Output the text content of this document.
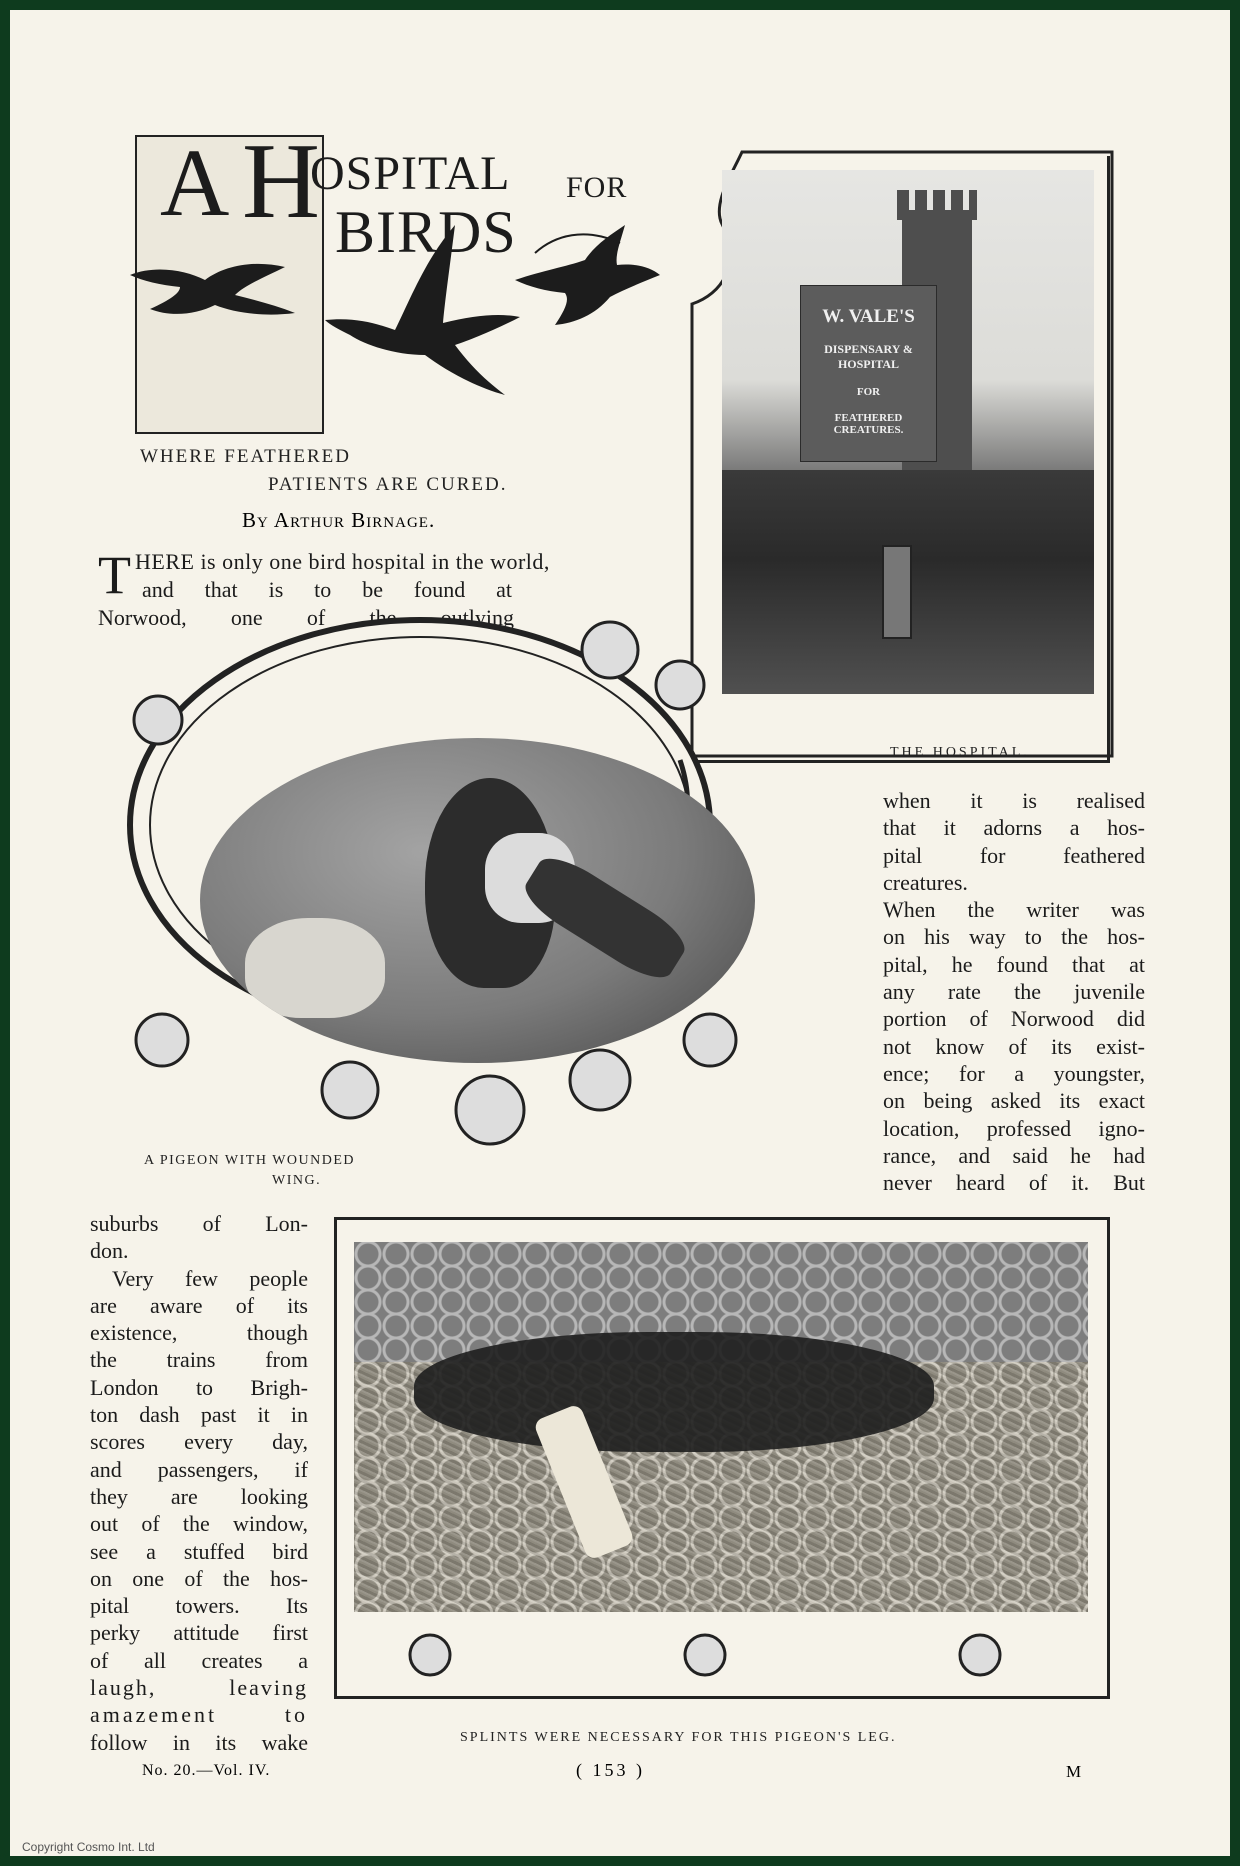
A H
OSPITAL FOR
BIRDS
WHERE FEATHERED
PATIENTS ARE CURED.
By Arthur Birnage.
T HERE is only one bird hospital in the world,
and that is to be found at
Norwood, one of the outlying
W. VALE'S
DISPENSARY & HOSPITAL
FOR
FEATHERED CREATURES.
THE HOSPITAL.
A PIGEON WITH WOUNDED
WING.
when it is realised
that it adorns a hos-
pital for feathered
creatures.
When the writer was
on his way to the hos-
pital, he found that at
any rate the juvenile
portion of Norwood did
not know of its exist-
ence; for a youngster,
on being asked its exact
location, professed igno-
rance, and said he had
never heard of it. But
suburbs of Lon-
don.
Very few people
are aware of its
existence, though
the trains from
London to Brigh-
ton dash past it in
scores every day,
and passengers, if
they are looking
out of the window,
see a stuffed bird
on one of the hos-
pital towers. Its
perky attitude first
of all creates a
laugh, leaving
amazement to
follow in its wake	SPLINTS WERE NECESSARY FOR THIS PIGEON'S LEG.
No. 20.—Vol. IV.	( 153 )	M
Copyright Cosmo Int. Ltd
